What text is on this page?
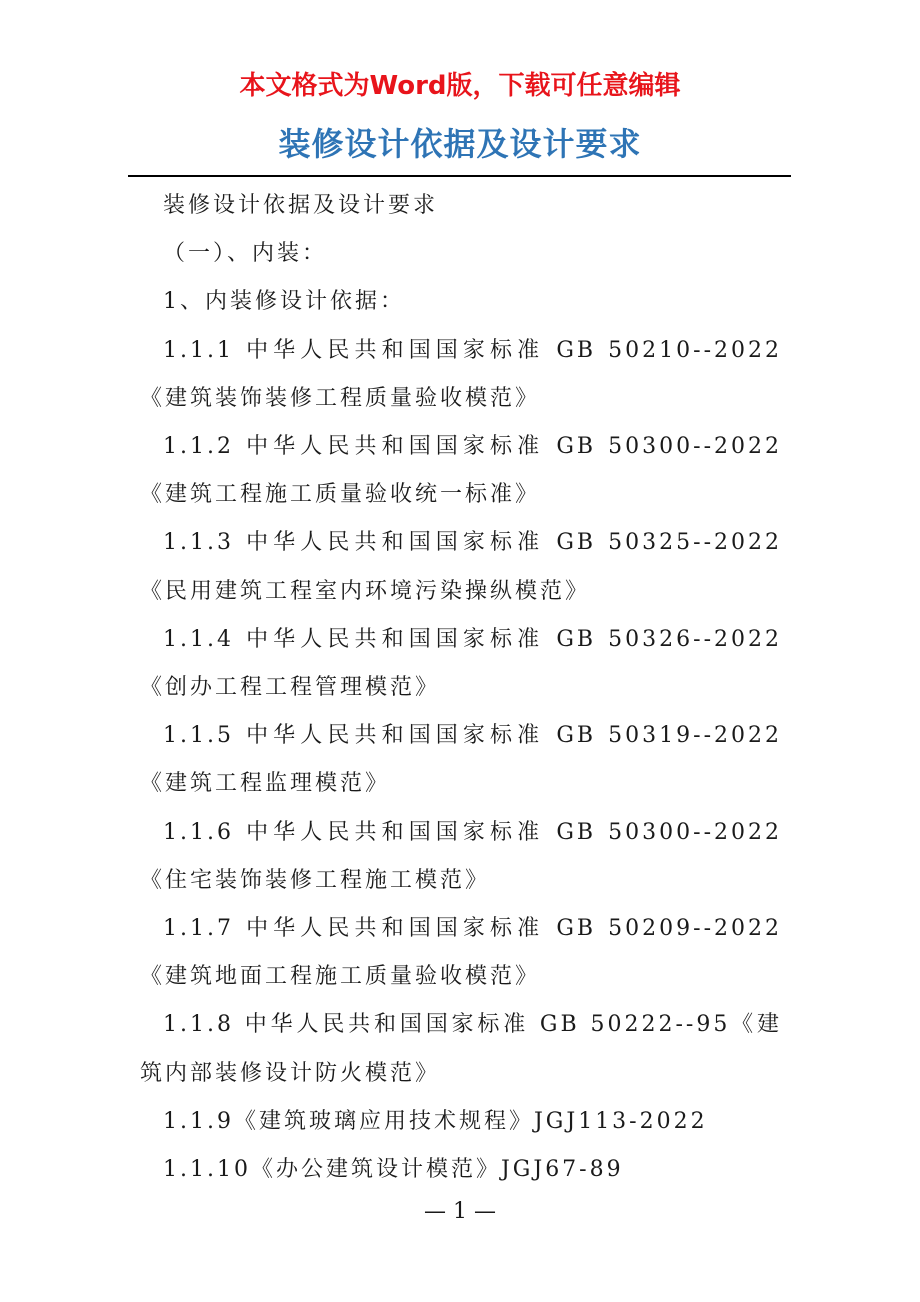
本文格式为Word版，下载可任意编辑
装修设计依据及设计要求

装修设计依据及设计要求

（一）、内装：

1、内装修设计依据：

1.1.1 中华人民共和国国家标准 GB 50210--2022《建筑装饰装修工程质量验收模范》

1.1.2 中华人民共和国国家标准 GB 50300--2022《建筑工程施工质量验收统一标准》

1.1.3 中华人民共和国国家标准 GB 50325--2022《民用建筑工程室内环境污染操纵模范》

1.1.4 中华人民共和国国家标准 GB 50326--2022《创办工程工程管理模范》

1.1.5 中华人民共和国国家标准 GB 50319--2022《建筑工程监理模范》

1.1.6 中华人民共和国国家标准 GB 50300--2022《住宅装饰装修工程施工模范》

1.1.7 中华人民共和国国家标准 GB 50209--2022《建筑地面工程施工质量验收模范》

1.1.8 中华人民共和国国家标准 GB 50222--95《建筑内部装修设计防火模范》

1.1.9《建筑玻璃应用技术规程》JGJ113-2022

1.1.10《办公建筑设计模范》JGJ67-89

— 1 —
